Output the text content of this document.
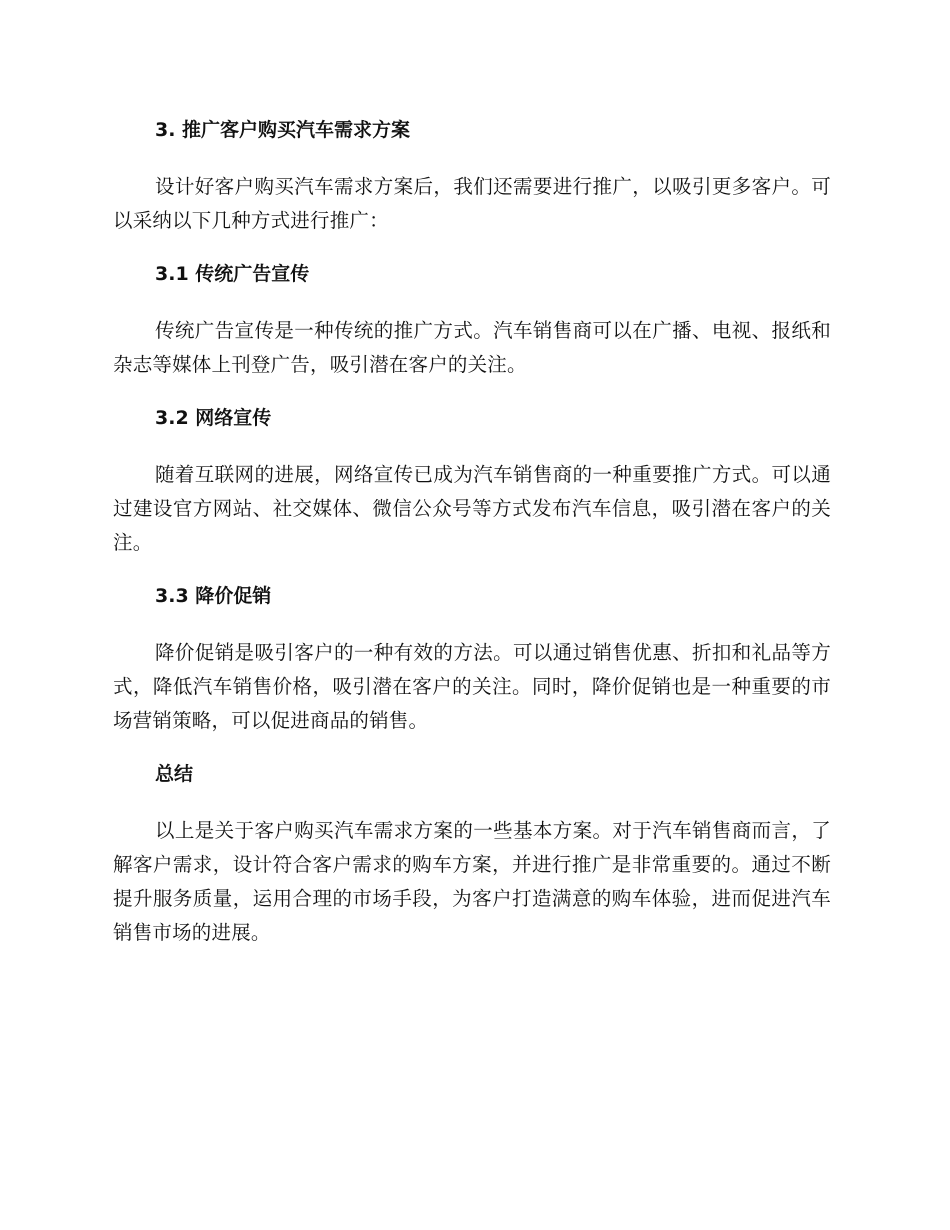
3. 推广客户购买汽车需求方案

设计好客户购买汽车需求方案后，我们还需要进行推广，以吸引更多客户。可以采纳以下几种方式进行推广：

3.1 传统广告宣传

传统广告宣传是一种传统的推广方式。汽车销售商可以在广播、电视、报纸和杂志等媒体上刊登广告，吸引潜在客户的关注。

3.2 网络宣传

随着互联网的进展，网络宣传已成为汽车销售商的一种重要推广方式。可以通过建设官方网站、社交媒体、微信公众号等方式发布汽车信息，吸引潜在客户的关注。

3.3 降价促销

降价促销是吸引客户的一种有效的方法。可以通过销售优惠、折扣和礼品等方式，降低汽车销售价格，吸引潜在客户的关注。同时，降价促销也是一种重要的市场营销策略，可以促进商品的销售。

总结

以上是关于客户购买汽车需求方案的一些基本方案。对于汽车销售商而言，了解客户需求，设计符合客户需求的购车方案，并进行推广是非常重要的。通过不断提升服务质量，运用合理的市场手段，为客户打造满意的购车体验，进而促进汽车销售市场的进展。
